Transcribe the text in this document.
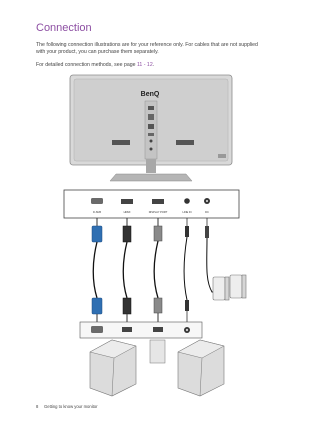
Connection
The following connection illustrations are for your reference only. For cables that are not supplied with your product, you can purchase them separately.
For detailed connection methods, see page 11 - 12.
BenQ
D-SUB	HDMI	DISPLAY PORT	LINE IN	DC
8 Getting to know your monitor
